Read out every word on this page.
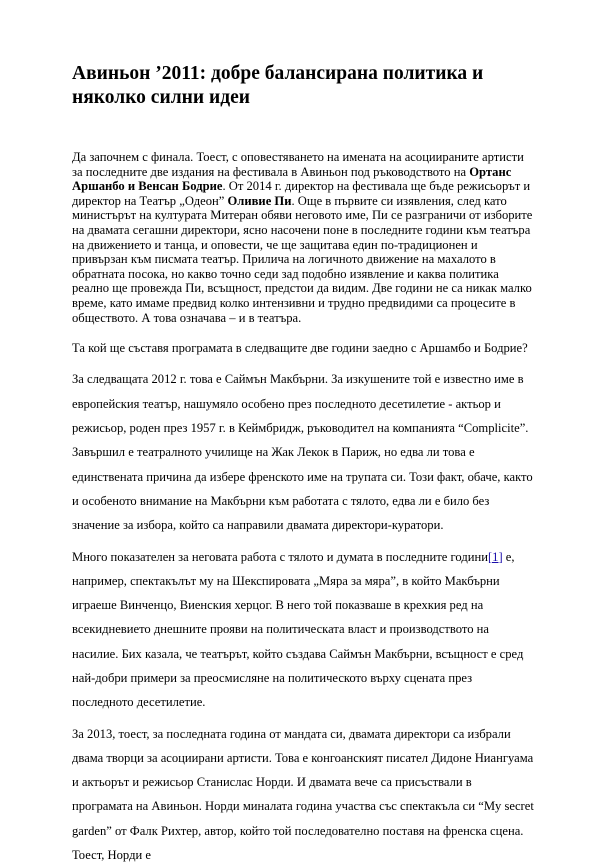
Авиньон ’2011: добре балансирана политика и няколко силни идеи

Да започнем с финала. Тоест, с оповестяването на имената на асоциираните артисти за последните две издания на фестивала в Авиньон под ръководството на Ортанс Аршанбо и Венсан Бодрие. От 2014 г. директор на фестивала ще бъде режисьорът и директор на Театър „Одеон” Оливие Пи. Още в първите си изявления, след като министърът на културата Митеран обяви неговото име, Пи се разграничи от изборите на двамата сегашни директори, ясно насочени поне в последните години към театъра на движението и танца, и оповести, че ще защитава един по-традиционен и привързан към писмата театър. Прилича на логичното движение на махалото в обратната посока, но какво точно седи зад подобно изявление и каква политика реално ще провежда Пи, всъщност, предстои да видим. Две години не са никак малко време, като имаме предвид колко интензивни и трудно предвидими са процесите в обществото. А това означава – и в театъра.

Та кой ще съставя програмата в следващите две години заедно с Аршамбо и Бодрие?

За следващата 2012 г. това е Саймън Макбърни. За изкушените той е известно име в европейския театър, нашумяло особено през последното десетилетие - актьор и режисьор, роден през 1957 г. в Кеймбридж, ръководител на компанията “Complicite”. Завършил е театралното училище на Жак Лекок в Париж, но едва ли това е единствената причина да избере френското име на трупата си. Този факт, обаче, както и особеното внимание на Макбърни към работата с тялото, едва ли е било без значение за избора, който са направили двамата директори-куратори.

Много показателен за неговата работа с тялото и думата в последните години[1] е, например, спектакълът му на Шекспировата „Мяра за мяра”, в който Макбърни играеше Винченцо, Виенския херцог. В него той показваше в крехкия ред на всекидневието днешните прояви на политическата власт и производството на насилие. Бих казала, че театърът, който създава Саймън Макбърни, всъщност е сред най-добри примери за преосмисляне на политическото върху сцената през последното десетилетие.

За 2013, тоест, за последната година от мандата си, двамата директори са избрали двама творци за асоциирани артисти. Това е конгоанският писател Дидоне Ниангуама и актьорът и режисьор Станислас Норди. И двамата вече са присъствали в програмата на Авиньон. Норди миналата година участва със спектакъла си “My secret garden” от Фалк Рихтер, автор, който той последователно поставя на френска сцена. Тоест, Норди е
